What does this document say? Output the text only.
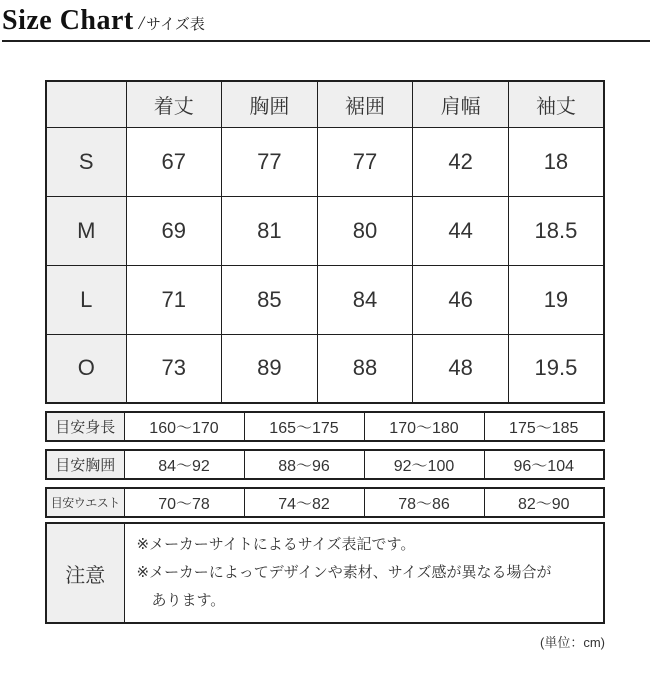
Size Chart / サイズ表
	着丈	胸囲	裾囲	肩幅	袖丈
S	67	77	77	42	18
M	69	81	80	44	18.5
L	71	85	84	46	19
O	73	89	88	48	19.5
目安身長	160〜170	165〜175	170〜180	175〜185
目安胸囲	84〜92	88〜96	92〜100	96〜104
目安ウエスト	70〜78	74〜82	78〜86	82〜90
注意	
※メーカーサイトによるサイズ表記です。
※メーカーによってデザインや素材、サイズ感が異なる場合が
　あります。
(単位：cm)
